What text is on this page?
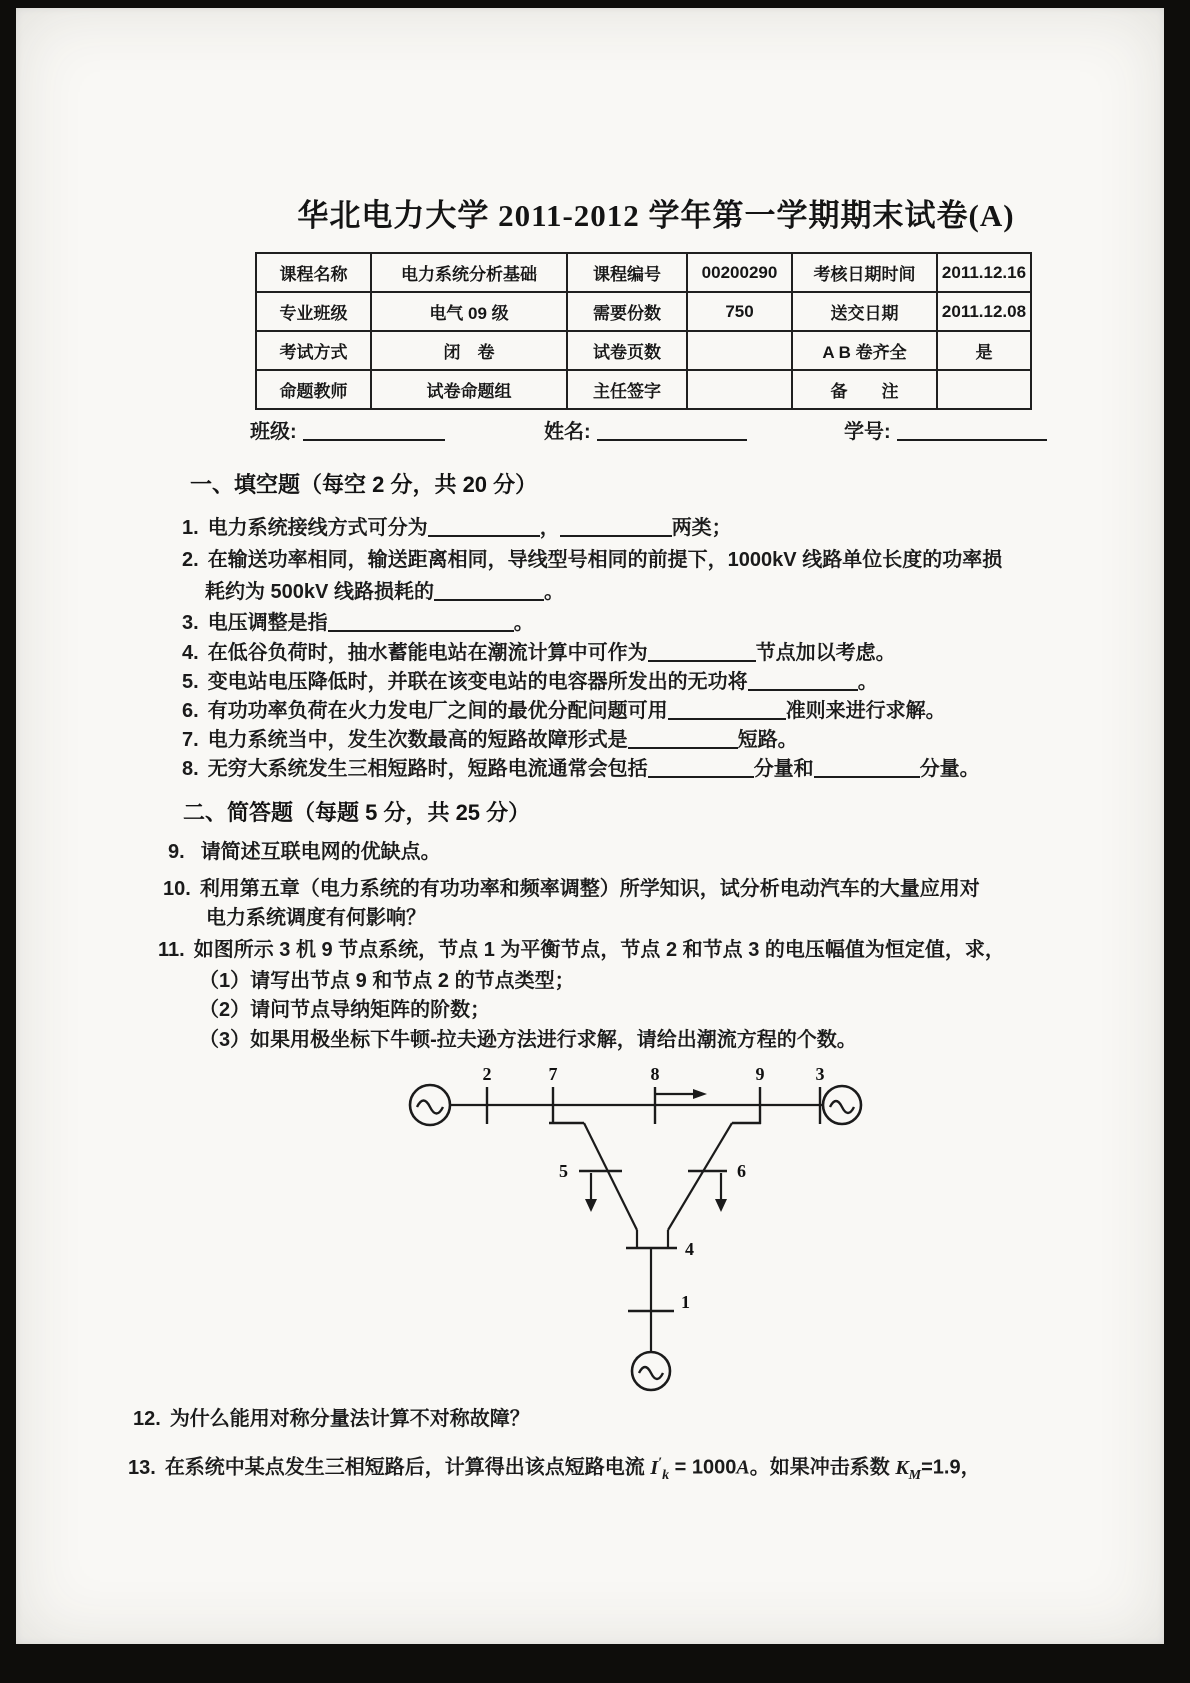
华北电力大学 2011-2012 学年第一学期期末试卷(A)
课程名称	电力系统分析基础	课程编号	00200290	考核日期时间	2011.12.16
专业班级	电气 09 级	需要份数	750	送交日期	2011.12.08
考试方式	闭　卷	试卷页数		A B 卷齐全	是
命题教师	试卷命题组	主任签字		备　　注	
班级:	姓名:	学号:
一、填空题（每空 2 分，共 20 分）
1. 电力系统接线方式可分为	，	两类；
2. 在输送功率相同，输送距离相同，导线型号相同的前提下，1000kV 线路单位长度的功率损
耗约为 500kV 线路损耗的	。
3. 电压调整是指	。
4. 在低谷负荷时，抽水蓄能电站在潮流计算中可作为	节点加以考虑。
5. 变电站电压降低时，并联在该变电站的电容器所发出的无功将	。
6. 有功功率负荷在火力发电厂之间的最优分配问题可用	准则来进行求解。
7. 电力系统当中，发生次数最高的短路故障形式是	短路。
8. 无穷大系统发生三相短路时，短路电流通常会包括	分量和	分量。
二、简答题（每题 5 分，共 25 分）
9. 请简述互联电网的优缺点。
10. 利用第五章（电力系统的有功功率和频率调整）所学知识，试分析电动汽车的大量应用对
电力系统调度有何影响？
11. 如图所示 3 机 9 节点系统，节点 1 为平衡节点，节点 2 和节点 3 的电压幅值为恒定值，求，
（1）请写出节点 9 和节点 2 的节点类型；
（2）请问节点导纳矩阵的阶数；
（3）如果用极坐标下牛顿-拉夫逊方法进行求解，请给出潮流方程的个数。
2	7	8	9	3
5	6
4
1
12. 为什么能用对称分量法计算不对称故障？
13. 在系统中某点发生三相短路后，计算得出该点短路电流 $I'_k = 1000A$。如果冲击系数 $K_M=1.9$，
